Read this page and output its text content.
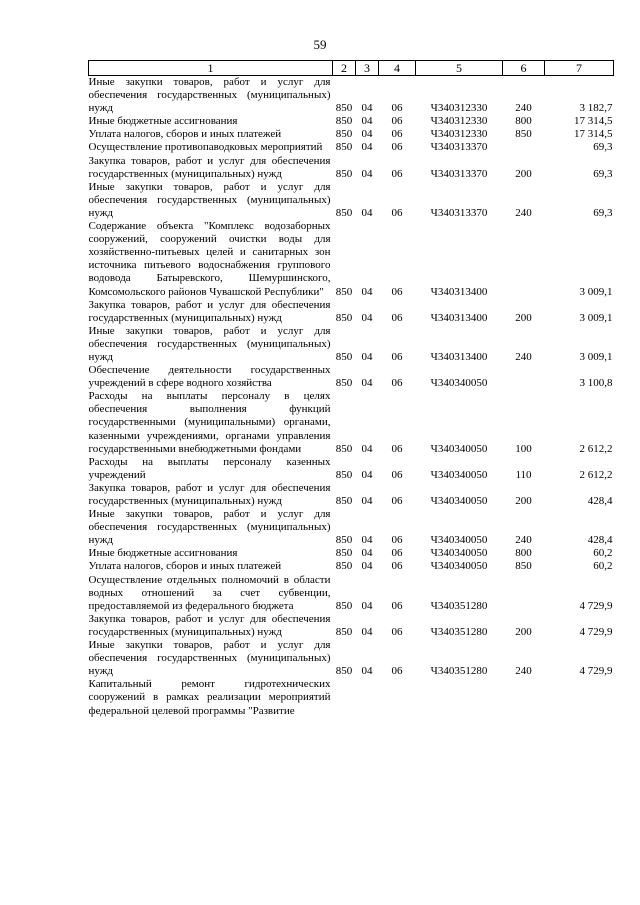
59
1	2	3	4	5	6	7
Иные закупки товаров, работ и услуг для обеспечения государственных (муниципальных) нужд	850	04	06	Ч340312330	240	3 182,7
Иные бюджетные ассигнования	850	04	06	Ч340312330	800	17 314,5
Уплата налогов, сборов и иных платежей	850	04	06	Ч340312330	850	17 314,5
Осуществление противопаводковых мероприятий	850	04	06	Ч340313370		69,3
Закупка товаров, работ и услуг для обеспечения государственных (муниципальных) нужд	850	04	06	Ч340313370	200	69,3
Иные закупки товаров, работ и услуг для обеспечения государственных (муниципальных) нужд	850	04	06	Ч340313370	240	69,3
Содержание объекта "Комплекс водозаборных сооружений, сооружений очистки воды для хозяйственно-питьевых целей и санитарных зон источника питьевого водоснабжения группового водовода Батыревского, Шемуршинского, Комсомольского районов Чувашской Республики"	850	04	06	Ч340313400		3 009,1
Закупка товаров, работ и услуг для обеспечения государственных (муниципальных) нужд	850	04	06	Ч340313400	200	3 009,1
Иные закупки товаров, работ и услуг для обеспечения государственных (муниципальных) нужд	850	04	06	Ч340313400	240	3 009,1
Обеспечение деятельности государственных учреждений в сфере водного хозяйства	850	04	06	Ч340340050		3 100,8
Расходы на выплаты персоналу в целях обеспечения выполнения функций государственными (муниципальными) органами, казенными учреждениями, органами управления государственными внебюджетными фондами	850	04	06	Ч340340050	100	2 612,2
Расходы на выплаты персоналу казенных учреждений	850	04	06	Ч340340050	110	2 612,2
Закупка товаров, работ и услуг для обеспечения государственных (муниципальных) нужд	850	04	06	Ч340340050	200	428,4
Иные закупки товаров, работ и услуг для обеспечения государственных (муниципальных) нужд	850	04	06	Ч340340050	240	428,4
Иные бюджетные ассигнования	850	04	06	Ч340340050	800	60,2
Уплата налогов, сборов и иных платежей	850	04	06	Ч340340050	850	60,2
Осуществление отдельных полномочий в области водных отношений за счет субвенции, предоставляемой из федерального бюджета	850	04	06	Ч340351280		4 729,9
Закупка товаров, работ и услуг для обеспечения государственных (муниципальных) нужд	850	04	06	Ч340351280	200	4 729,9
Иные закупки товаров, работ и услуг для обеспечения государственных (муниципальных) нужд	850	04	06	Ч340351280	240	4 729,9
Капитальный ремонт гидротехнических сооружений в рамках реализации мероприятий федеральной целевой программы "Развитие						
